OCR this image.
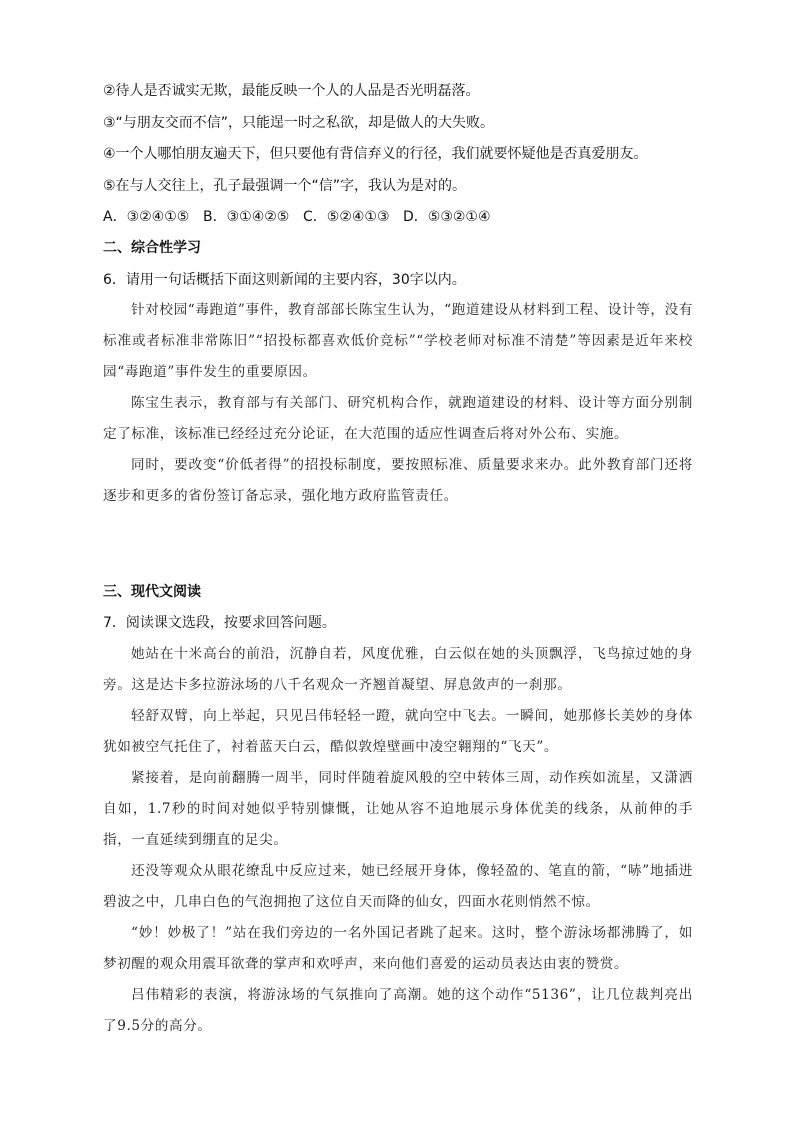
②待人是否诚实无欺，最能反映一个人的人品是否光明磊落。
③“与朋友交而不信”，只能逞一时之私欲，却是做人的大失败。
④一个人哪怕朋友遍天下，但只要他有背信弃义的行径，我们就要怀疑他是否真爱朋友。
⑤在与人交往上，孔子最强调一个“信”字，我认为是对的。
A．③②④①⑤ B．③①④②⑤ C．⑤②④①③ D．⑤③②①④
二、综合性学习
6．请用一句话概括下面这则新闻的主要内容，30字以内。
针对校园“毒跑道”事件，教育部部长陈宝生认为，“跑道建设从材料到工程、设计等，没有标准或者标准非常陈旧”“招投标都喜欢低价竞标”“学校老师对标准不清楚”等因素是近年来校园“毒跑道”事件发生的重要原因。
陈宝生表示，教育部与有关部门、研究机构合作，就跑道建设的材料、设计等方面分别制定了标准，该标准已经经过充分论证，在大范围的适应性调查后将对外公布、实施。
同时，要改变“价低者得”的招投标制度，要按照标准、质量要求来办。此外教育部门还将逐步和更多的省份签订备忘录，强化地方政府监管责任。
三、现代文阅读
7．阅读课文选段，按要求回答问题。
她站在十米高台的前沿，沉静自若，风度优雅，白云似在她的头顶飘浮，飞鸟掠过她的身旁。这是达卡多拉游泳场的八千名观众一齐翘首凝望、屏息敛声的一刹那。
轻舒双臂，向上举起，只见吕伟轻轻一蹬，就向空中飞去。一瞬间，她那修长美妙的身体犹如被空气托住了，衬着蓝天白云，酷似敦煌壁画中凌空翱翔的“飞天”。
紧接着，是向前翻腾一周半，同时伴随着旋风般的空中转体三周，动作疾如流星，又潇洒自如，1.7秒的时间对她似乎特别慷慨，让她从容不迫地展示身体优美的线条，从前伸的手指，一直延续到绷直的足尖。
还没等观众从眼花缭乱中反应过来，她已经展开身体，像轻盈的、笔直的箭，“哧”地插进碧波之中，几串白色的气泡拥抱了这位自天而降的仙女，四面水花则悄然不惊。
“妙！妙极了！”站在我们旁边的一名外国记者跳了起来。这时，整个游泳场都沸腾了，如梦初醒的观众用震耳欲聋的掌声和欢呼声，来向他们喜爱的运动员表达由衷的赞赏。
吕伟精彩的表演，将游泳场的气氛推向了高潮。她的这个动作“5136”，让几位裁判亮出了9.5分的高分。
